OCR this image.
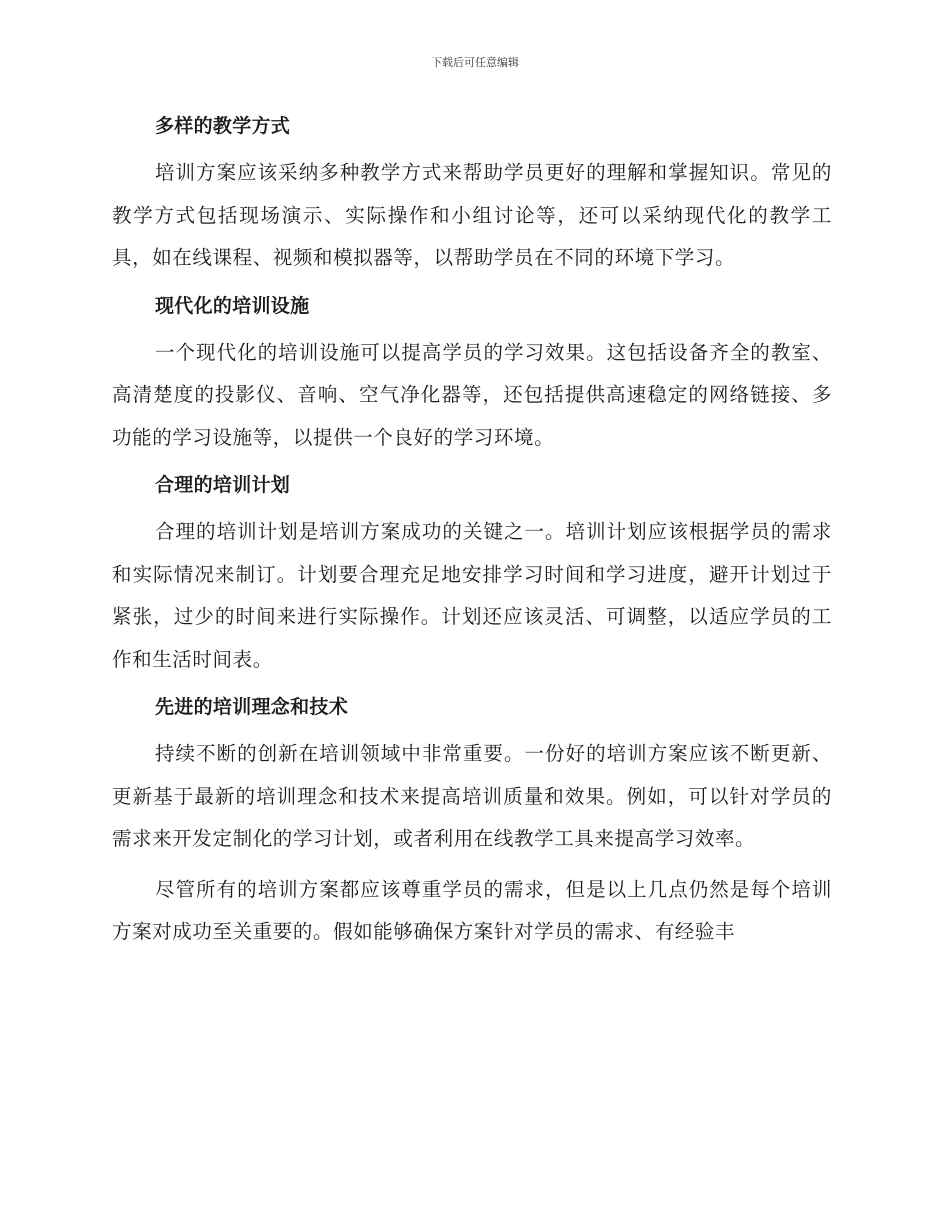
下载后可任意编辑
多样的教学方式

培训方案应该采纳多种教学方式来帮助学员更好的理解和掌握知识。常见的教学方式包括现场演示、实际操作和小组讨论等，还可以采纳现代化的教学工具，如在线课程、视频和模拟器等，以帮助学员在不同的环境下学习。

现代化的培训设施

一个现代化的培训设施可以提高学员的学习效果。这包括设备齐全的教室、高清楚度的投影仪、音响、空气净化器等，还包括提供高速稳定的网络链接、多功能的学习设施等，以提供一个良好的学习环境。

合理的培训计划

合理的培训计划是培训方案成功的关键之一。培训计划应该根据学员的需求和实际情况来制订。计划要合理充足地安排学习时间和学习进度，避开计划过于紧张，过少的时间来进行实际操作。计划还应该灵活、可调整，以适应学员的工作和生活时间表。

先进的培训理念和技术

持续不断的创新在培训领域中非常重要。一份好的培训方案应该不断更新、更新基于最新的培训理念和技术来提高培训质量和效果。例如，可以针对学员的需求来开发定制化的学习计划，或者利用在线教学工具来提高学习效率。

尽管所有的培训方案都应该尊重学员的需求，但是以上几点仍然是每个培训方案对成功至关重要的。假如能够确保方案针对学员的需求、有经验丰
